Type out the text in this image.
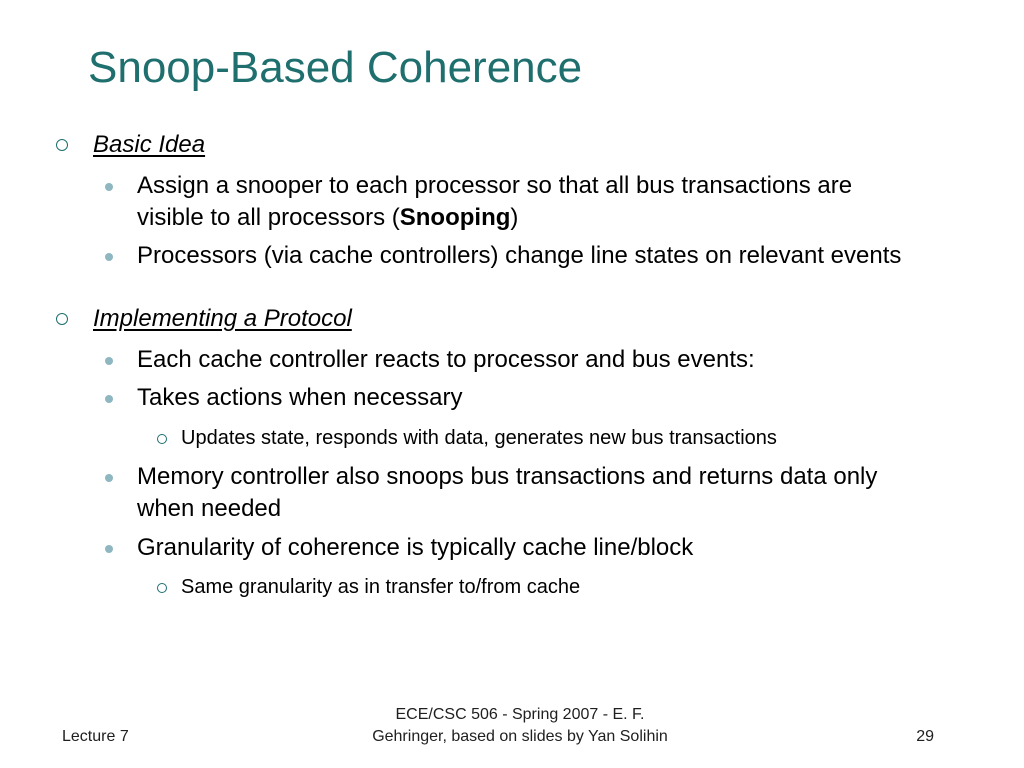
Snoop-Based Coherence
Basic Idea
Assign a snooper to each processor so that all bus transactions are
visible to all processors (Snooping)
Processors (via cache controllers) change line states on relevant events
Implementing a Protocol
Each cache controller reacts to processor and bus events:
Takes actions when necessary
Updates state, responds with data, generates new bus transactions
Memory controller also snoops bus transactions and returns data only
when needed
Granularity of coherence is typically cache line/block
Same granularity as in transfer to/from cache
Lecture 7
ECE/CSC 506 - Spring 2007 - E. F.
Gehringer, based on slides by Yan Solihin	29
